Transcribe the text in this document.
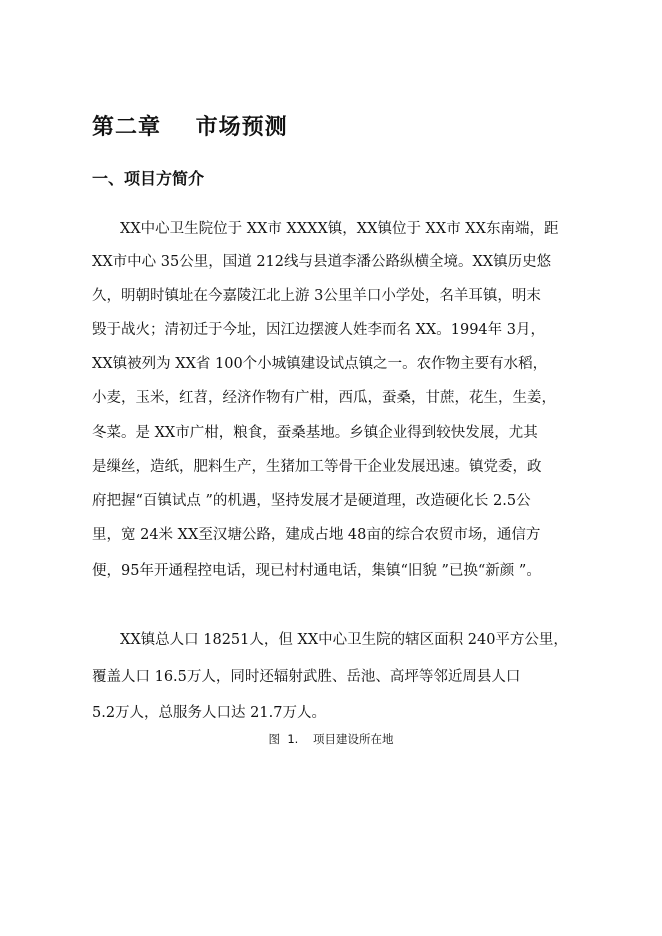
第二章    市场预测
一、项目方简介
XX中心卫生院位于 XX市 XXXX镇，XX镇位于 XX市 XX东南端，距
XX市中心 35公里，国道 212线与县道李潘公路纵横全境。XX镇历史悠
久，明朝时镇址在今嘉陵江北上游 3公里羊口小学处，名羊耳镇，明末
毁于战火；清初迁于今址，因江边摆渡人姓李而名 XX。1994年 3月，
XX镇被列为 XX省 100个小城镇建设试点镇之一。农作物主要有水稻，
小麦，玉米，红苕，经济作物有广柑，西瓜，蚕桑，甘蔗，花生，生姜，
冬菜。是 XX市广柑，粮食，蚕桑基地。乡镇企业得到较快发展，尤其
是缫丝，造纸，肥料生产，生猪加工等骨干企业发展迅速。镇党委，政
府把握“百镇试点 ”的机遇，坚持发展才是硬道理，改造硬化长 2.5公
里，宽 24米 XX至汉塘公路，建成占地 48亩的综合农贸市场，通信方
便，95年开通程控电话，现已村村通电话，集镇“旧貌 ”已换“新颜 ”。
XX镇总人口 18251人，但 XX中心卫生院的辖区面积 240平方公里，
覆盖人口 16.5万人，同时还辐射武胜、岳池、高坪等邻近周县人口
5.2万人，总服务人口达 21.7万人。
图  1.    项目建设所在地
